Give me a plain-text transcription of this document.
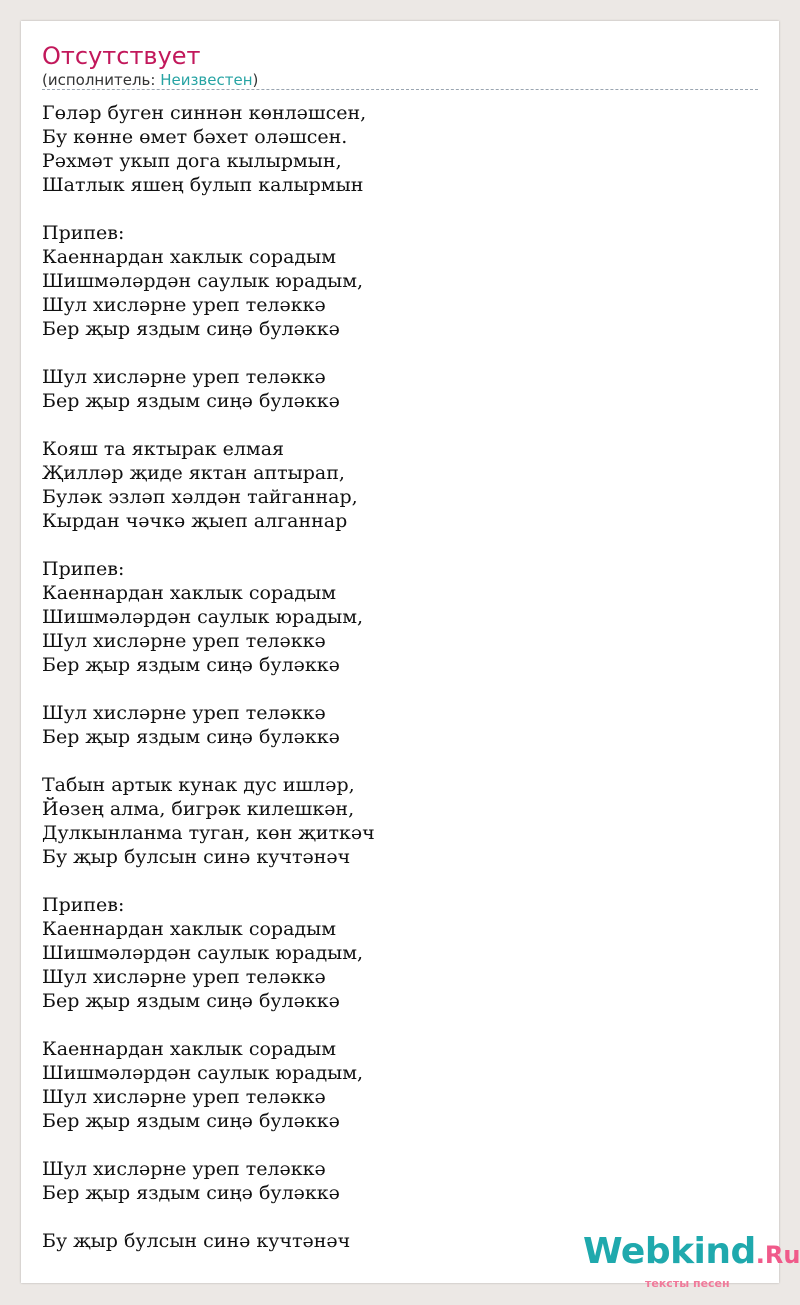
Отсутствует
(исполнитель: Неизвестен)
Гөләр буген синнән көнләшсен,
Бу көнне өмет бәхет оләшсен.
Рәхмәт укып дога кылырмын,
Шатлык яшең булып калырмын
Припев:
Каеннардан хаклык сорадым
Шишмәләрдән саулык юрадым,
Шул хисләрне уреп теләккә
Бер җыр яздым сиңә буләккә
Шул хисләрне уреп теләккә
Бер җыр яздым сиңә буләккә
Кояш та яктырак елмая
Җилләр җиде яктан аптырап,
Буләк эзләп хәлдән тайганнар,
Кырдан чәчкә җыеп алганнар
Припев:
Каеннардан хаклык сорадым
Шишмәләрдән саулык юрадым,
Шул хисләрне уреп теләккә
Бер җыр яздым сиңә буләккә
Шул хисләрне уреп теләккә
Бер җыр яздым сиңә буләккә
Табын артык кунак дус ишләр,
Йөзең алма, бигрәк килешкән,
Дулкынланма туган, көн җиткәч
Бу җыр булсын синә кучтәнәч
Припев:
Каеннардан хаклык сорадым
Шишмәләрдән саулык юрадым,
Шул хисләрне уреп теләккә
Бер җыр яздым сиңә буләккә
Каеннардан хаклык сорадым
Шишмәләрдән саулык юрадым,
Шул хисләрне уреп теләккә
Бер җыр яздым сиңә буләккә
Шул хисләрне уреп теләккә
Бер җыр яздым сиңә буләккә
Бу җыр булсын синә кучтәнәч	Webkind.Ru
тексты песен
